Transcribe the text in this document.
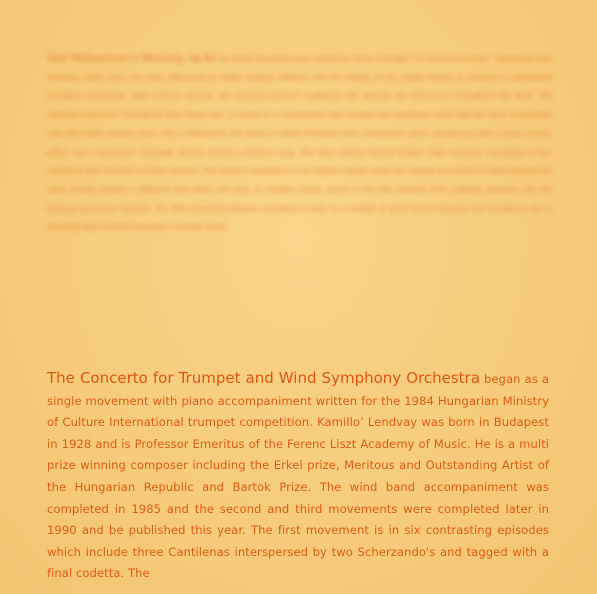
One Midsummer's Morning, op.82 by Derek Bourgeois was inspired by Percy Grainger's 'A Lincolnshire Posy'. Traditional style harmony, when used, has been influenced by Ralph Vaughan Williams and the singing of the Copper Family. In contrast to established arranging techniques, 20th Century devices, not normally found in traditional folk settings are interwoven throughout the work. The opening movement, 'Arising the Nine Mown Hay', is based on a Lincolnshire style melody from Somerset, which like the other movements uses the linked variation form. This is followed by The Banks of Sweet Primroses from Lincolnshire which commences with a 'down chorus' effect, and a prominent 'off-stage' piccolo sounds a thrush's song. The lower textual section follows. High harmony, consisting of four variations with thematic trumpet fanfares. The baritone saxophone in its highest register plays the melody over which is superimposed the same melody played in different time-ratios and keys. A complex climax occurs in the last variation that suddenly dissolves into the opening pianissimo fanfares. The fifth movement Bushes and Briars is built on a melody of great lyrical intensity and Strawberry Fair is decidedly light hearted providing a suitable finale.
The Concerto for Trumpet and Wind Symphony Orchestra began as a single movement with piano accompaniment written for the 1984 Hungarian Ministry of Culture International trumpet competition. Kamillo’ Lendvay was born in Budapest in 1928 and is Professor Emeritus of the Ferenc Liszt Academy of Music. He is a multi prize winning composer including the Erkel prize, Meritous and Outstanding Artist of the Hungarian Republic and Bartok Prize. The wind band accompaniment was completed in 1985 and the second and third movements were completed later in 1990 and be published this year. The first movement is in six contrasting episodes which include three Cantilenas interspersed by two Scherzando's and tagged with a final codetta. The
